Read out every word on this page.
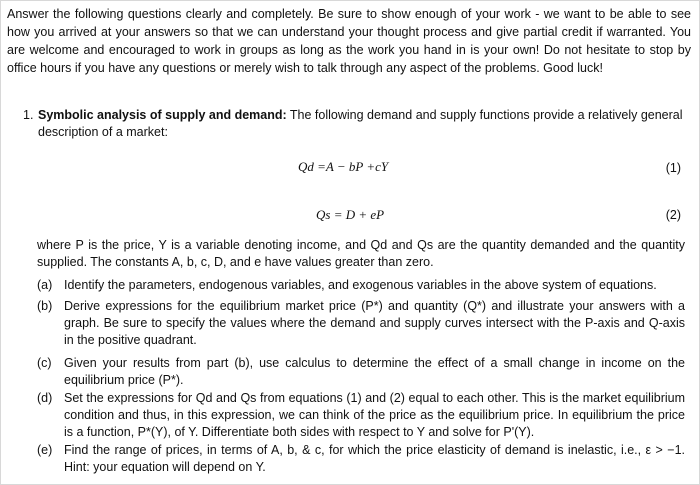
Answer the following questions clearly and completely. Be sure to show enough of your work - we want to be able to see how you arrived at your answers so that we can understand your thought process and give partial credit if warranted. You are welcome and encouraged to work in groups as long as the work you hand in is your own! Do not hesitate to stop by office hours if you have any questions or merely wish to talk through any aspect of the problems. Good luck!
1. Symbolic analysis of supply and demand: The following demand and supply functions provide a relatively general description of a market:
Qd =A − bP +cY	(1)
Qs = D + eP	(2)
where P is the price, Y is a variable denoting income, and Qd and Qs are the quantity demanded and the quantity supplied. The constants A, b, c, D, and e have values greater than zero.
(a) Identify the parameters, endogenous variables, and exogenous variables in the above system of equations.
(b) Derive expressions for the equilibrium market price (P*) and quantity (Q*) and illustrate your answers with a graph. Be sure to specify the values where the demand and supply curves intersect with the P-axis and Q-axis in the positive quadrant.
(c) Given your results from part (b), use calculus to determine the effect of a small change in income on the equilibrium price (P*).
(d) Set the expressions for Qd and Qs from equations (1) and (2) equal to each other. This is the market equilibrium condition and thus, in this expression, we can think of the price as the equilibrium price. In equilibrium the price is a function, P*(Y), of Y. Differentiate both sides with respect to Y and solve for P'(Y).
(e) Find the range of prices, in terms of A, b, & c, for which the price elasticity of demand is inelastic, i.e., ε > −1. Hint: your equation will depend on Y.
